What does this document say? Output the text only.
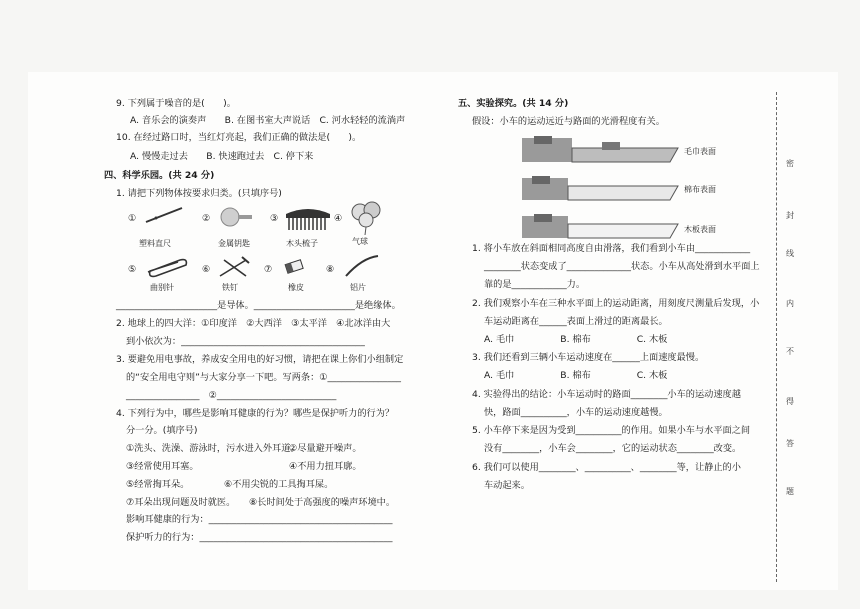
9. 下列属于噪音的是(　　)。
A. 音乐会的演奏声　　B. 在图书室大声说话　C. 河水轻轻的流淌声
10. 在经过路口时，当红灯亮起，我们正确的做法是(　　)。
A. 慢慢走过去　　B. 快速跑过去　C. 停下来
四、科学乐园。(共 24 分)
1. 请把下列物体按要求归类。(只填序号)
①
塑料直尺
②
金属钥匙
③
木头梳子
④
气球
⑤
曲别针
⑥
铁钉
⑦
橡皮
⑧
铝片
______________________是导体。______________________是绝缘体。
2. 地球上的四大洋：①印度洋　②大西洋　③太平洋　④北冰洋由大
到小依次为：________________________________________
3. 要避免用电事故，养成安全用电的好习惯，请把在课上你们小组制定
的“安全用电守则”与大家分享一下吧。写两条：①________________
________________　②__________________________
4. 下列行为中，哪些是影响耳健康的行为？哪些是保护听力的行为？
分一分。(填序号)
①洗头、洗澡、游泳时，污水进入外耳道。
②尽量避开噪声。
③经常使用耳塞。	④不用力扭耳廓。
⑤经常掏耳朵。	⑥不用尖锐的工具掏耳屎。
⑦耳朵出现问题及时就医。 ⑧长时间处于高强度的噪声环境中。
影响耳健康的行为：________________________________________
保护听力的行为：__________________________________________
五、实验探究。(共 14 分)
假设：小车的运动远近与路面的光滑程度有关。
毛巾表面
棉布表面
木板表面
1. 将小车放在斜面相同高度自由滑落，我们看到小车由____________
________状态变成了______________状态。小车从高处滑到水平面上
靠的是____________力。
2. 我们观察小车在三种水平面上的运动距离，用刻度尺测量后发现，小
车运动距离在______表面上滑过的距离最长。
A. 毛巾　　　　　B. 棉布　　　　　C. 木板
3. 我们还看到三辆小车运动速度在______上面速度最慢。
A. 毛巾　　　　　B. 棉布　　　　　C. 木板
4. 实验得出的结论：小车运动时的路面________小车的运动速度越
快，路面__________，小车的运动速度越慢。
5. 小车停下来是因为受到__________的作用。如果小车与水平面之间
没有________，小车会________，它的运动状态________改变。
6. 我们可以使用________、__________、________等，让静止的小
车动起来。
密
封
线
内
不
得
答
题
